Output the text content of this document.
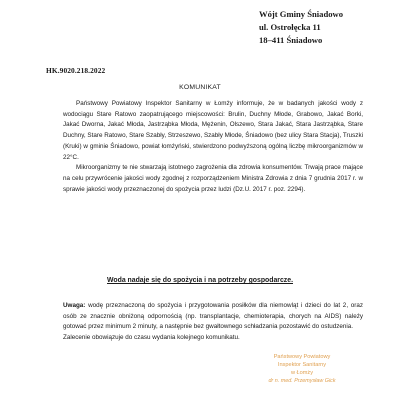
Wójt Gminy Śniadowo
ul. Ostrołęcka 11
18–411 Śniadowo
HK.9020.218.2022
KOMUNIKAT

Państwowy Powiatowy Inspektor Sanitarny w Łomży informuje, że w badanych jakości wody z wodociągu Stare Ratowo zaopatrującego miejscowości: Brulin, Duchny Młode, Grabowo, Jakać Borki, Jakać Dworna, Jakać Młoda, Jastrząbka Młoda, Mężenin, Olszewo, Stara Jakać, Stara Jastrząbka, Stare Duchny, Stare Ratowo, Stare Szabły, Strzeszewo, Szabły Młode, Śniadowo (bez ulicy Stara Stacja), Truszki (Kruki) w gminie Śniadowo, powiat łomżyński, stwierdzono podwyższoną ogólną liczbę mikroorganizmów w 22°C.

Mikroorganizmy te nie stwarzają istotnego zagrożenia dla zdrowia konsumentów. Trwają prace mające na celu przywrócenie jakości wody zgodnej z rozporządzeniem Ministra Zdrowia z dnia 7 grudnia 2017 r. w sprawie jakości wody przeznaczonej do spożycia przez ludzi (Dz.U. 2017 r. poz. 2294).

Woda nadaje się do spożycia i na potrzeby gospodarcze.

Uwaga: wodę przeznaczoną do spożycia i przygotowania posiłków dla niemowląt i dzieci do lat 2, oraz osób ze znacznie obniżoną odpornością (np. transplantacje, chemioterapia, chorych na AIDS) należy gotować przez minimum 2 minuty, a następnie bez gwałtownego schładzania pozostawić do ostudzenia.

Zalecenie obowiązuje do czasu wydania kolejnego komunikatu.

Państwowy Powiatowy
Inspektor Sanitarny
w Łomży
dr n. med. Przemysław Gick
